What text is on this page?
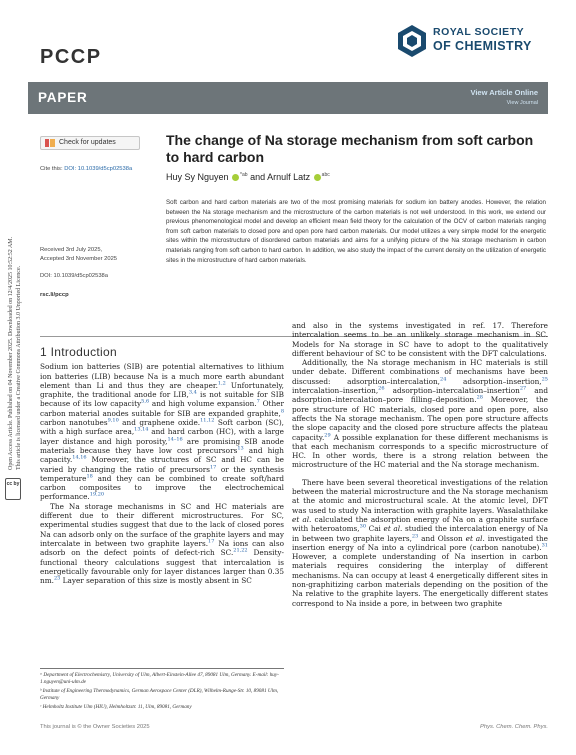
PCCP
ROYAL SOCIETY
OF CHEMISTRY
PAPER	View Article Online
View Journal
Open Access Article. Published on 04 November 2025. Downloaded on 12/4/2025 10:52:52 AM. This article is licensed under a Creative Commons Attribution 3.0 Unported Licence.
cc by
Check for updates
Cite this: DOI: 10.1039/d5cp02538a
The change of Na storage mechanism from soft carbon to hard carbon
Huy Sy Nguyen $^{*ab}$ and Arnulf Latz $^{abc}$
Soft carbon and hard carbon materials are two of the most promising materials for sodium ion battery anodes. However, the relation between the Na storage mechanism and the microstructure of the carbon materials is not well understood. In this work, we extend our previous phenomenological model and develop an efficient mean field theory for the calculation of the OCV of carbon materials ranging from soft carbon materials to closed pore and open pore hard carbon materials. Our model utilizes a very simple model for the energetic sites within the microstructure of disordered carbon materials and aims for a unifying picture of the Na storage mechanism in carbon materials ranging from soft carbon to hard carbon. In addition, we also study the impact of the current density on the utilization of energetic sites in the microstructure of hard carbon materials.
Received 3rd July 2025,
Accepted 3rd November 2025
DOI: 10.1039/d5cp02538a
rsc.li/pccp
1 Introduction

Sodium ion batteries (SIB) are potential alternatives to lithium ion batteries (LIB) because Na is a much more earth abundant element than Li and thus they are cheaper.$^{1,2}$ Unfortunately, graphite, the traditional anode for LIB,$^{3,4}$ is not suitable for SIB because of its low capacity$^{5,6}$ and high volume expansion.$^7$ Other carbon material anodes suitable for SIB are expanded graphite,$^8$ carbon nanotubes$^{9,10}$ and graphene oxide.$^{11,12}$ Soft carbon (SC), with a high surface area,$^{13,14}$ and hard carbon (HC), with a large layer distance and high porosity,$^{14-16}$ are promising SIB anode materials because they have low cost precursors$^{13}$ and high capacity.$^{14,16}$ Moreover, the structures of SC and HC can be varied by changing the ratio of precursors$^{17}$ or the synthesis temperature$^{18}$ and they can be combined to create soft/hard carbon composites to improve the electrochemical performance.$^{19,20}$

The Na storage mechanisms in SC and HC materials are different due to their different microstructures. For SC, experimental studies suggest that due to the lack of closed pores Na can adsorb only on the surface of the graphite layers and may intercalate in between two graphite layers.$^{17}$ Na ions can also adsorb on the defect points of defect-rich SC.$^{21,22}$ Density-functional theory calculations suggest that intercalation is energetically favourable only for layer distances larger than 0.35 nm.$^{23}$ Layer separation of this size is mostly absent in SC

and also in the systems investigated in ref. 17. Therefore intercalation seems to be an unlikely storage mechanism in SC. Models for Na storage in SC have to adopt to the qualitatively different behaviour of SC to be consistent with the DFT calculations.

Additionally, the Na storage mechanism in HC materials is still under debate. Different combinations of mechanisms have been discussed: adsorption–intercalation,$^{24}$ adsorption–insertion,$^{25}$ intercalation–insertion,$^{26}$ adsorption–intercalation–insertion$^{27}$ and adsorption–intercalation–pore filling–deposition.$^{28}$ Moreover, the pore structure of HC materials, closed pore and open pore, also affects the Na storage mechanism. The open pore structure affects the slope capacity and the closed pore structure affects the plateau capacity.$^{29}$ A possible explanation for these different mechanisms is that each mechanism corresponds to a specific microstructure of HC. In other words, there is a strong relation between the microstructure of the HC material and the Na storage mechanism.

There have been several theoretical investigations of the relation between the material microstructure and the Na storage mechanism at the atomic and microstructural scale. At the atomic level, DFT was used to study Na interaction with graphite layers. Wasalathilake et al. calculated the adsorption energy of Na on a graphite surface with heteroatoms,$^{30}$ Cai et al. studied the intercalation energy of Na in between two graphite layers,$^{23}$ and Olsson et al. investigated the insertion energy of Na into a cylindrical pore (carbon nanotube).$^{31}$ However, a complete understanding of Na insertion in carbon materials requires considering the interplay of different mechanisms. Na can occupy at least 4 energetically different sites in non-graphitizing carbon materials depending on the position of the Na relative to the graphite layers. The energetically different states correspond to Na inside a pore, in between two graphite

ᵃ Department of Electrochemistry, University of Ulm, Albert-Einstein-Allee 47, 89081 Ulm, Germany. E-mail: huy-1.nguyen@uni-ulm.de
ᵇ Institute of Engineering Thermodynamics, German Aerospace Center (DLR), Wilhelm-Runge-Str. 10, 89081 Ulm, Germany
ᶜ Helmholtz Institute Ulm (HIU), Helmholtzstr. 11, Ulm, 89081, Germany
This journal is © the Owner Societies 2025	Phys. Chem. Chem. Phys.
